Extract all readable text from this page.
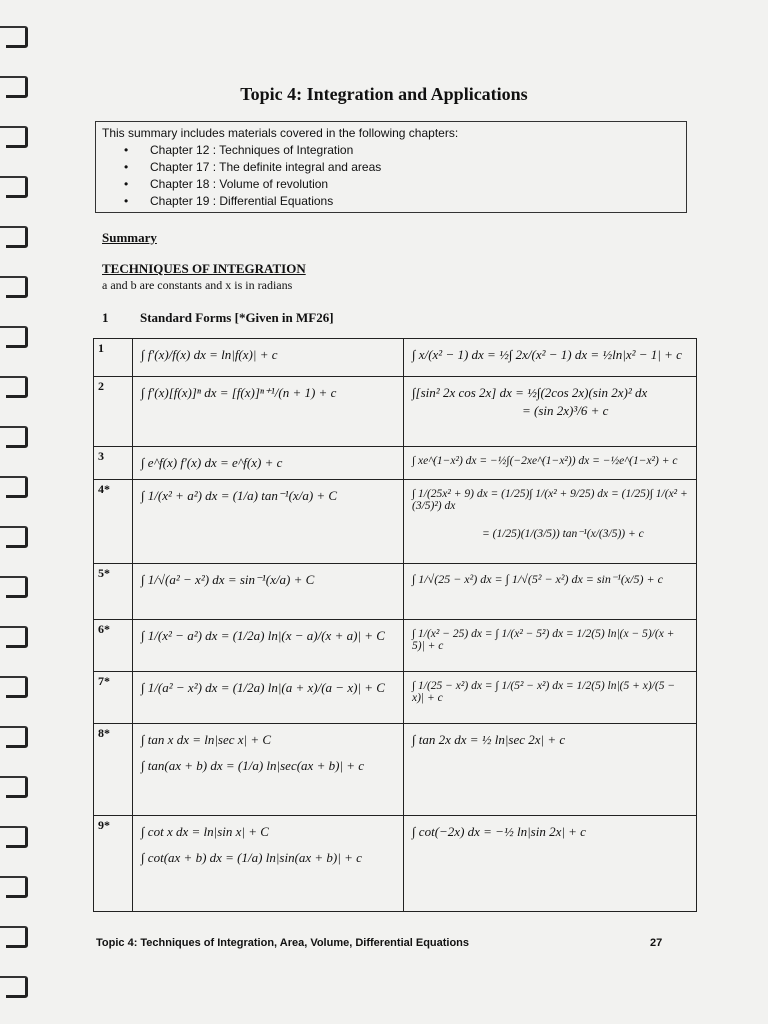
Topic 4: Integration and Applications
This summary includes materials covered in the following chapters:
• Chapter 12 : Techniques of Integration
• Chapter 17 : The definite integral and areas
• Chapter 18 : Volume of revolution
• Chapter 19 : Differential Equations
Summary
TECHNIQUES OF INTEGRATION
a and b are constants and x is in radians
1 Standard Forms [*Given in MF26]
1	∫ f′(x)/f(x) dx = ln|f(x)| + c	∫ x/(x² − 1) dx = ½∫ 2x/(x² − 1) dx = ½ln|x² − 1| + c

2	∫ f′(x)[f(x)]ⁿ dx = [f(x)]ⁿ⁺¹/(n + 1) + c	∫[sin² 2x cos 2x] dx = ½∫(2cos 2x)(sin 2x)² dx
= (sin 2x)³/6 + c

3	∫ e^f(x) f′(x) dx = e^f(x) + c	∫ xe^(1−x²) dx = −½∫(−2xe^(1−x²)) dx = −½e^(1−x²) + c

4*	∫ 1/(x² + a²) dx = (1/a) tan⁻¹(x/a) + C	∫ 1/(25x² + 9) dx = (1/25)∫ 1/(x² + 9/25) dx = (1/25)∫ 1/(x² + (3/5)²) dx
= (1/25)(1/(3/5)) tan⁻¹(x/(3/5)) + c

5*	∫ 1/√(a² − x²) dx = sin⁻¹(x/a) + C	∫ 1/√(25 − x²) dx = ∫ 1/√(5² − x²) dx = sin⁻¹(x/5) + c

6*	∫ 1/(x² − a²) dx = (1/2a) ln|(x − a)/(x + a)| + C	∫ 1/(x² − 25) dx = ∫ 1/(x² − 5²) dx = 1/2(5) ln|(x − 5)/(x + 5)| + c

7*	∫ 1/(a² − x²) dx = (1/2a) ln|(a + x)/(a − x)| + C	∫ 1/(25 − x²) dx = ∫ 1/(5² − x²) dx = 1/2(5) ln|(5 + x)/(5 − x)| + c

8*	∫ tan x dx = ln|sec x| + C
∫ tan(ax + b) dx = (1/a) ln|sec(ax + b)| + c	∫ tan 2x dx = ½ ln|sec 2x| + c

9*	∫ cot x dx = ln|sin x| + C
∫ cot(ax + b) dx = (1/a) ln|sin(ax + b)| + c	∫ cot(−2x) dx = −½ ln|sin 2x| + c
Topic 4: Techniques of Integration, Area, Volume, Differential Equations	27
